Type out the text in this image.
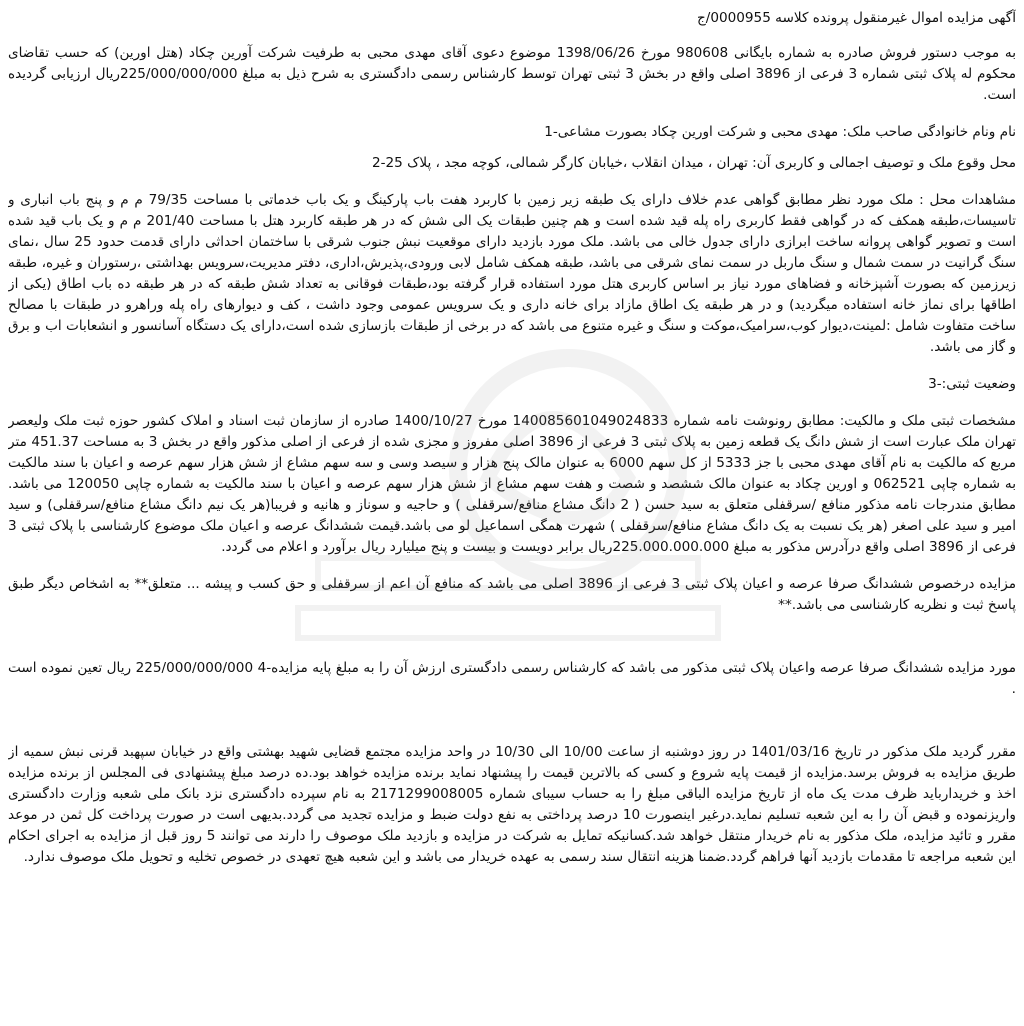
آگهی مزایده اموال غیرمنقول پرونده کلاسه 0000955/ج

به موجب دستور فروش صادره به شماره بایگانی 980608 مورخ 1398/06/26 موضوع دعوی آقای مهدی محبی به طرفیت شرکت آورین چکاد (هتل اورین) که حسب تقاضای محکوم له پلاک ثبتی شماره 3 فرعی از 3896 اصلی واقع در بخش 3 ثبتی تهران توسط کارشناس رسمی دادگستری به شرح ذیل به مبلغ 225/000/000/000ریال ارزیابی گردیده است.

نام ونام خانوادگی صاحب ملک: مهدی محبی و شرکت اورین چکاد بصورت مشاعی-1

محل وقوع ملک و توصیف اجمالی و کاربری آن: تهران ، میدان انقلاب ،خیابان کارگر شمالی، کوچه مجد ، پلاک 25-2

مشاهدات محل : ملک مورد نظر مطابق گواهی عدم خلاف دارای یک طبقه زیر زمین با کاربرد هفت باب پارکینگ و یک باب خدماتی با مساحت 79/35 م م و پنج باب انباری و تاسیسات،طبقه همکف که در گواهی فقط کاربری راه پله قید شده است و هم چنین طبقات یک الی شش که در هر طبقه کاربرد هتل با مساحت 201/40 م م و یک باب قید شده است و تصویر گواهی پروانه ساخت ابرازی دارای جدول خالی می باشد. ملک مورد بازدید دارای موقعیت نبش جنوب شرقی با ساختمان احداثی دارای قدمت حدود 25 سال ،نمای سنگ گرانیت در سمت شمال و سنگ ماربل در سمت نمای شرقی می باشد، طبقه همکف شامل لابی ورودی،پذیرش،اداری، دفتر مدیریت،سرویس بهداشتی ،رستوران و غیره، طبقه زیرزمین که بصورت آشپزخانه و فضاهای مورد نیاز بر اساس کاربری هتل مورد استفاده قرار گرفته بود،طبقات فوقانی به تعداد شش طبقه که در هر طبقه ده باب اطاق (یکی از اطاقها برای نماز خانه استفاده میگردید) و در هر طبقه یک اطاق مازاد برای خانه داری و یک سرویس عمومی وجود داشت ، کف و دیوارهای راه پله وراهرو در طبقات با مصالح ساخت متفاوت شامل :لمینت،دیوار کوب،سرامیک،موکت و سنگ و غیره متنوع می باشد که در برخی از طبقات بازسازی شده است،دارای یک دستگاه آسانسور و انشعابات اب و برق و گاز می باشد.

وضعیت ثبتی:-3

مشخصات ثبتی ملک و مالکیت: مطابق رونوشت نامه شماره 140085601049024833 مورخ 1400/10/27 صادره از سازمان ثبت اسناد و املاک کشور حوزه ثبت ملک ولیعصر تهران ملک عبارت است از شش دانگ یک قطعه زمین به پلاک ثبتی 3 فرعی از 3896 اصلی مفروز و مجزی شده از فرعی از اصلی مذکور واقع در بخش 3 به مساحت 451.37 متر مربع که مالکیت به نام آقای مهدی محبی با جز 5333 از کل سهم 6000 به عنوان مالک پنج هزار و سیصد وسی و سه سهم مشاع از شش هزار سهم عرصه و اعیان با سند مالکیت به شماره چاپی 062521 و اورین چکاد به عنوان مالک ششصد و شصت و هفت سهم مشاع از شش هزار سهم عرصه و اعیان با سند مالکیت به شماره چاپی 120050 می باشد. مطابق مندرجات نامه مذکور منافع /سرقفلی متعلق به سید حسن ( 2 دانگ مشاع منافع/سرقفلی ) و حاجیه و سوناز و هانیه و فریبا(هر یک نیم دانگ مشاع منافع/سرقفلی) و سید امیر و سید علی اصغر (هر یک نسبت به یک دانگ مشاع منافع/سرقفلی ) شهرت همگی اسماعیل لو می باشد.قیمت ششدانگ عرصه و اعیان ملک موضوع کارشناسی با پلاک ثبتی 3 فرعی از 3896 اصلی واقع درآدرس مذکور به مبلغ 225.000.000.000ریال برابر دویست و بیست و پنج میلیارد ریال برآورد و اعلام می گردد.

مزایده درخصوص ششدانگ صرفا عرصه و اعیان پلاک ثبتی 3 فرعی از 3896 اصلی می باشد که منافع آن اعم از سرقفلی و حق کسب و پیشه ... متعلق** به اشخاص دیگر طبق پاسخ ثبت و نظریه کارشناسی می باشد.**

مورد مزایده ششدانگ صرفا عرصه واعیان پلاک ثبتی مذکور می باشد که کارشناس رسمی دادگستری ارزش آن را به مبلغ پایه مزایده-4 225/000/000/000 ریال تعین نموده است .

مقرر گردید ملک مذکور در تاریخ 1401/03/16 در روز دوشنبه از ساعت 10/00 الی 10/30 در واحد مزایده مجتمع قضایی شهید بهشتی واقع در خیابان سپهبد قرنی نبش سمیه از طریق مزایده به فروش برسد.مزایده از قیمت پایه شروع و کسی که بالاترین قیمت را پیشنهاد نماید برنده مزایده خواهد بود.ده درصد مبلغ پیشنهادی فی المجلس از برنده مزایده اخذ و خریدارباید ظرف مدت یک ماه از تاریخ مزایده الباقی مبلغ را به حساب سیبای شماره 2171299008005 به نام سپرده دادگستری نزد بانک ملی شعبه وزارت دادگستری واریزنموده و قبض آن را به این شعبه تسلیم نماید.درغیر اینصورت 10 درصد پرداختی به نفع دولت ضبط و مزایده تجدید می گردد.بدیهی است در صورت پرداخت کل ثمن در موعد مقرر و تائید مزایده، ملک مذکور به نام خریدار منتقل خواهد شد.کسانیکه تمایل به شرکت در مزایده و بازدید ملک موصوف را دارند می توانند 5 روز قبل از مزایده به اجرای احکام این شعبه مراجعه تا مقدمات بازدید آنها فراهم گردد.ضمنا هزینه انتقال سند رسمی به عهده خریدار می باشد و این شعبه هیچ تعهدی در خصوص تخلیه و تحویل ملک موصوف ندارد.
